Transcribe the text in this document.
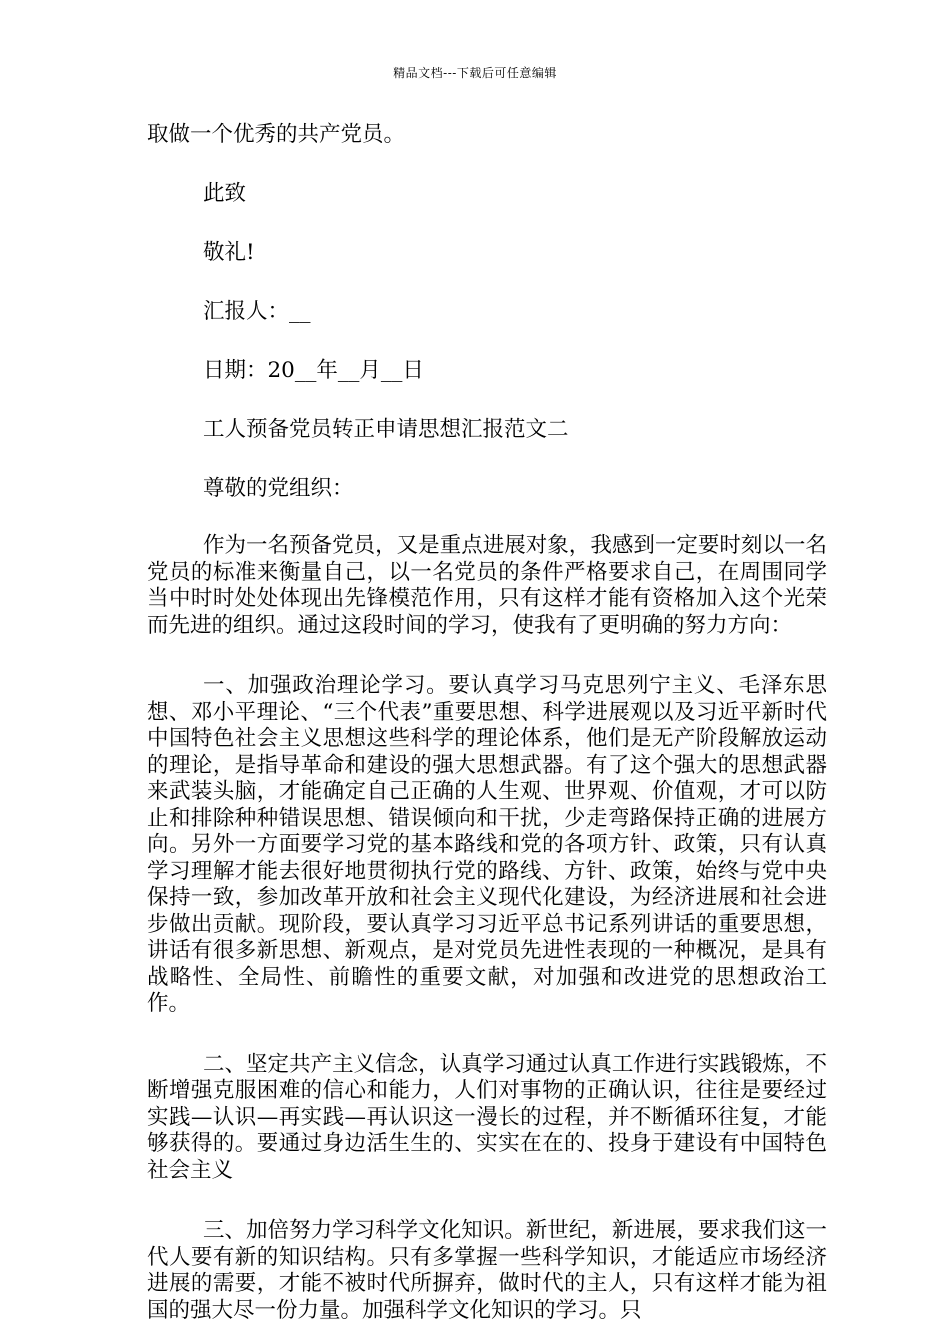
精品文档---下载后可任意编辑

取做一个优秀的共产党员。

此致

敬礼!

汇报人：__

日期：20__年__月__日

工人预备党员转正申请思想汇报范文二

尊敬的党组织：

作为一名预备党员，又是重点进展对象，我感到一定要时刻以一名党员的标准来衡量自己，以一名党员的条件严格要求自己，在周围同学当中时时处处体现出先锋模范作用，只有这样才能有资格加入这个光荣而先进的组织。通过这段时间的学习，使我有了更明确的努力方向：

一、加强政治理论学习。要认真学习马克思列宁主义、毛泽东思想、邓小平理论、“三个代表”重要思想、科学进展观以及习近平新时代中国特色社会主义思想这些科学的理论体系，他们是无产阶段解放运动的理论，是指导革命和建设的强大思想武器。有了这个强大的思想武器来武装头脑，才能确定自己正确的人生观、世界观、价值观，才可以防止和排除种种错误思想、错误倾向和干扰，少走弯路保持正确的进展方向。另外一方面要学习党的基本路线和党的各项方针、政策，只有认真学习理解才能去很好地贯彻执行党的路线、方针、政策，始终与党中央保持一致，参加改革开放和社会主义现代化建设，为经济进展和社会进步做出贡献。现阶段，要认真学习习近平总书记系列讲话的重要思想，讲话有很多新思想、新观点，是对党员先进性表现的一种概况，是具有战略性、全局性、前瞻性的重要文献，对加强和改进党的思想政治工作。

二、坚定共产主义信念，认真学习通过认真工作进行实践锻炼，不断增强克服困难的信心和能力，人们对事物的正确认识，往往是要经过实践—认识—再实践—再认识这一漫长的过程，并不断循环往复，才能够获得的。要通过身边活生生的、实实在在的、投身于建设有中国特色社会主义

三、加倍努力学习科学文化知识。新世纪，新进展，要求我们这一代人要有新的知识结构。只有多掌握一些科学知识，才能适应市场经济进展的需要，才能不被时代所摒弃，做时代的主人，只有这样才能为祖国的强大尽一份力量。加强科学文化知识的学习。只
